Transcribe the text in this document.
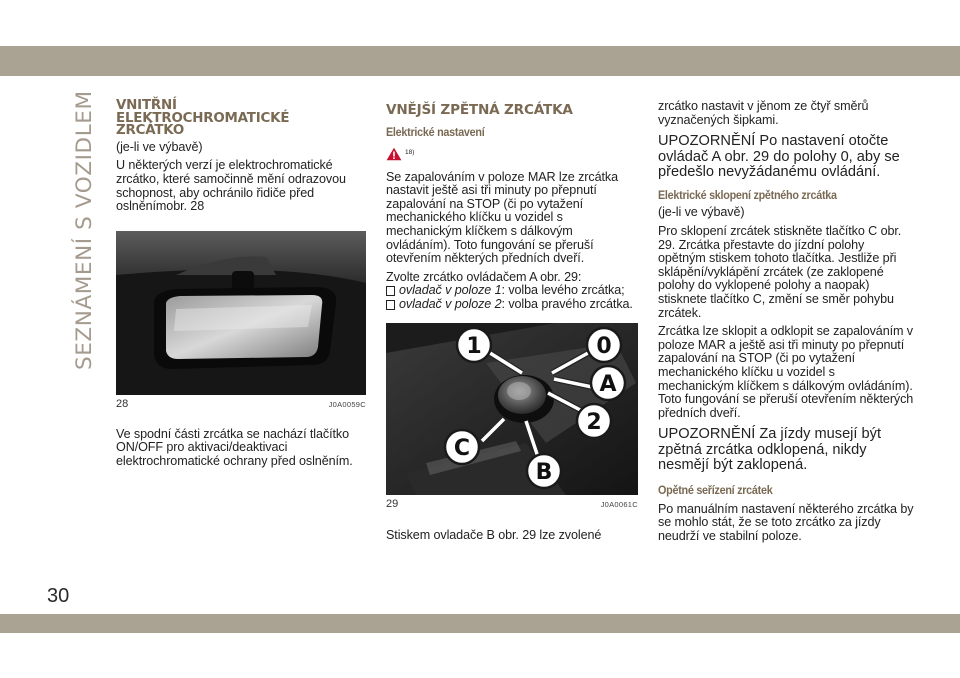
SEZNÁMENÍ S VOZIDLEM VNITŘNÍ
ELEKTROCHROMATICKÉ
ZRCÁTKO
(je-li ve výbavě)
U některých verzí je elektrochromatické zrcátko, které samočinně mění odrazovou schopnost, aby ochránilo řidiče před oslněnímobr. 28
28	J0A0059C
Ve spodní části zrcátka se nachází tlačítko ON/OFF pro aktivaci/deaktivaci elektrochromatické ochrany před oslněním.
VNĚJŠÍ ZPĚTNÁ ZRCÁTKA
Elektrické nastavení
18)
Se zapalováním v poloze MAR lze zrcátka nastavit ještě asi tři minuty po přepnutí zapalování na STOP (či po vytažení mechanického klíčku u vozidel s mechanickým klíčkem s dálkovým ovládáním). Toto fungování se přeruší otevřením některých předních dveří.
Zvolte zrcátko ovládačem A obr. 29:
ovladač v poloze 1: volba levého zrcátka;
ovladač v poloze 2: volba pravého zrcátka.
1	0
2
A
C
B
29	J0A0061C
Stiskem ovladače B obr. 29 lze zvolené
zrcátko nastavit v jěnom ze čtyř směrů vyznačených šipkami.
UPOZORNĚNÍ Po nastavení otočte ovládač A obr. 29 do polohy 0, aby se předešlo nevyžádanému ovládání.
Elektrické sklopení zpětného zrcátka
(je-li ve výbavě)
Pro sklopení zrcátek stiskněte tlačítko C obr. 29. Zrcátka přestavte do jízdní polohy opětným stiskem tohoto tlačítka. Jestliže při sklápění/vyklápění zrcátek (ze zaklopené polohy do vyklopené polohy a naopak) stisknete tlačítko C, změní se směr pohybu zrcátek.
Zrcátka lze sklopit a odklopit se zapalováním v poloze MAR a ještě asi tři minuty po přepnutí zapalování na STOP (či po vytažení mechanického klíčku u vozidel s mechanickým klíčkem s dálkovým ovládáním). Toto fungování se přeruší otevřením některých předních dveří.
UPOZORNĚNÍ Za jízdy musejí být zpětná zrcátka odklopená, nikdy nesmějí být zaklopená.
Opětné seřízení zrcátek
Po manuálním nastavení některého zrcátka by se mohlo stát, že se toto zrcátko za jízdy neudrží ve stabilní poloze.
30
